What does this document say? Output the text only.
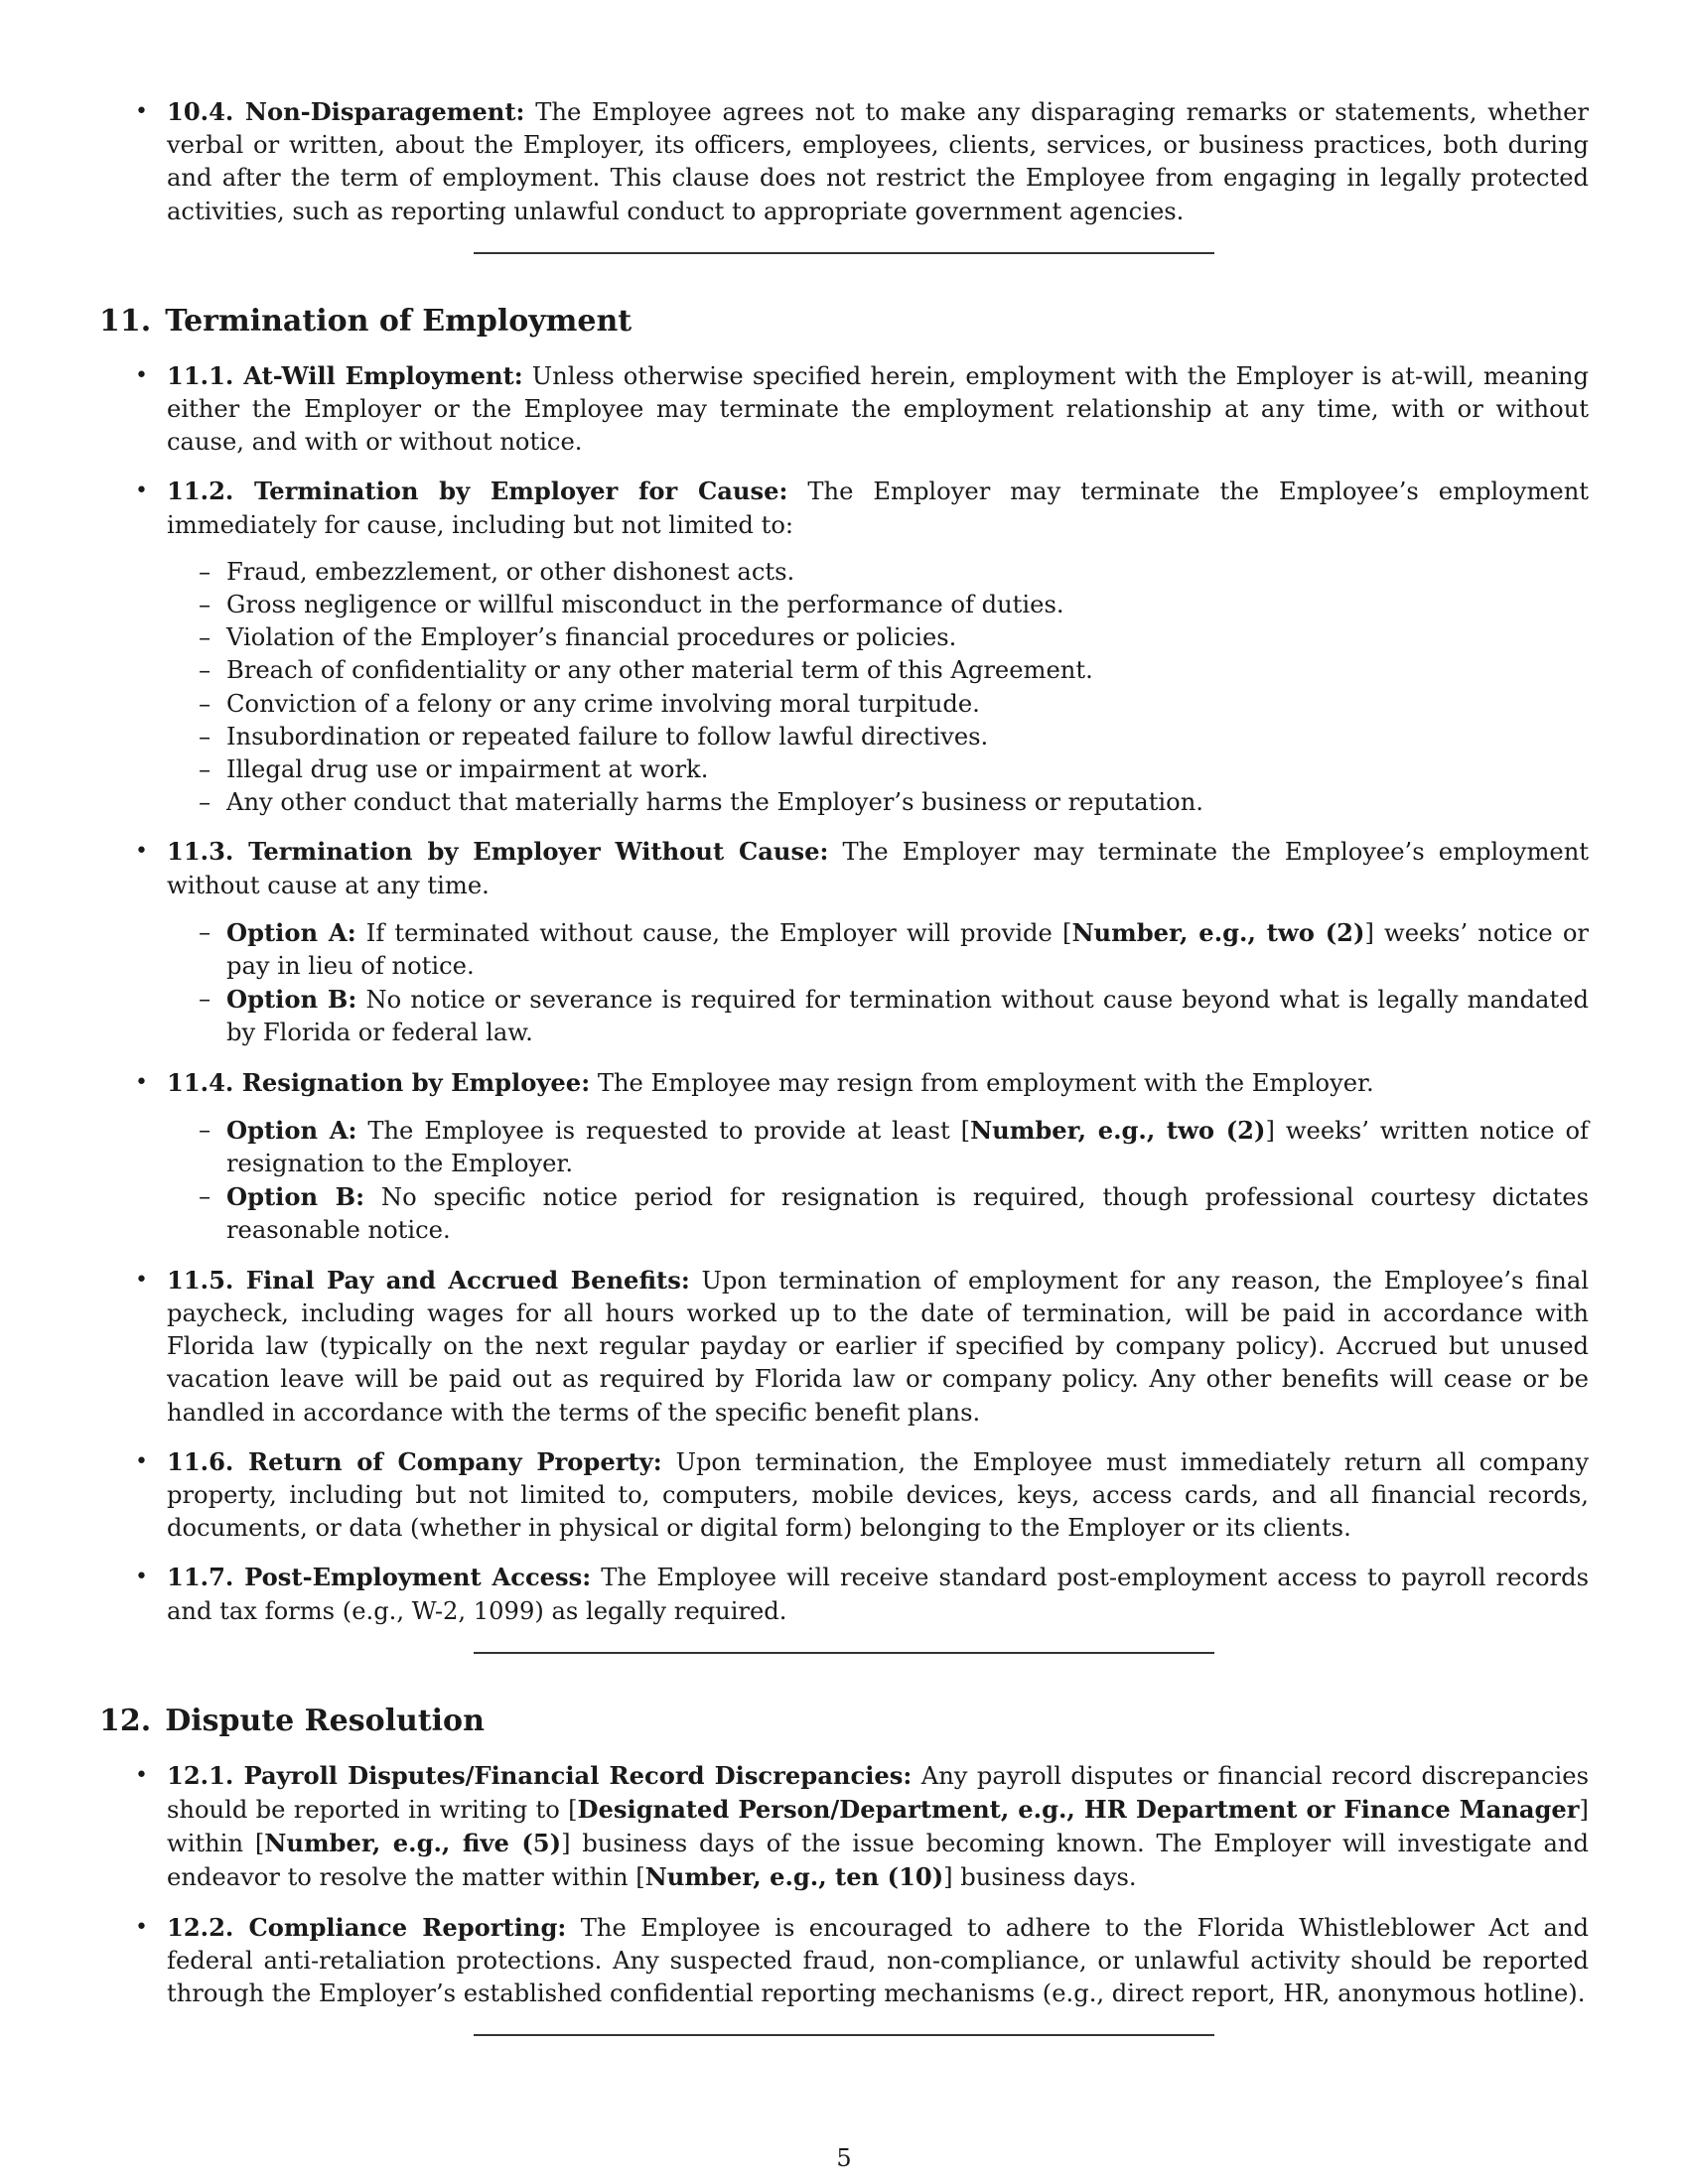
• 10.4. Non-Disparagement: The Employee agrees not to make any disparaging remarks or statements, whether verbal or written, about the Employer, its officers, employees, clients, services, or business practices, both during and after the term of employment. This clause does not restrict the Employee from engaging in legally protected activities, such as reporting unlawful conduct to appropriate government agencies.
11. Termination of Employment
• 11.1. At-Will Employment: Unless otherwise specified herein, employment with the Employer is at-will, meaning either the Employer or the Employee may terminate the employment relationship at any time, with or without cause, and with or without notice.
• 11.2. Termination by Employer for Cause: The Employer may terminate the Employee’s employment immediately for cause, including but not limited to:
– Fraud, embezzlement, or other dishonest acts.
– Gross negligence or willful misconduct in the performance of duties.
– Violation of the Employer’s financial procedures or policies.
– Breach of confidentiality or any other material term of this Agreement.
– Conviction of a felony or any crime involving moral turpitude.
– Insubordination or repeated failure to follow lawful directives.
– Illegal drug use or impairment at work.
– Any other conduct that materially harms the Employer’s business or reputation.
• 11.3. Termination by Employer Without Cause: The Employer may terminate the Employee’s employment without cause at any time.
– Option A: If terminated without cause, the Employer will provide [Number, e.g., two (2)] weeks’ notice or pay in lieu of notice.
– Option B: No notice or severance is required for termination without cause beyond what is legally mandated by Florida or federal law.
• 11.4. Resignation by Employee: The Employee may resign from employment with the Employer.
– Option A: The Employee is requested to provide at least [Number, e.g., two (2)] weeks’ written notice of resignation to the Employer.
– Option B: No specific notice period for resignation is required, though professional courtesy dictates reasonable notice.
• 11.5. Final Pay and Accrued Benefits: Upon termination of employment for any reason, the Employee’s final paycheck, including wages for all hours worked up to the date of termination, will be paid in accordance with Florida law (typically on the next regular payday or earlier if specified by company policy). Accrued but unused vacation leave will be paid out as required by Florida law or company policy. Any other benefits will cease or be handled in accordance with the terms of the specific benefit plans.
• 11.6. Return of Company Property: Upon termination, the Employee must immediately return all company property, including but not limited to, computers, mobile devices, keys, access cards, and all financial records, documents, or data (whether in physical or digital form) belonging to the Employer or its clients.
• 11.7. Post-Employment Access: The Employee will receive standard post-employment access to payroll records and tax forms (e.g., W-2, 1099) as legally required.
12. Dispute Resolution
• 12.1. Payroll Disputes/Financial Record Discrepancies: Any payroll disputes or financial record discrepancies should be reported in writing to [Designated Person/Department, e.g., HR Department or Finance Manager] within [Number, e.g., five (5)] business days of the issue becoming known. The Employer will investigate and endeavor to resolve the matter within [Number, e.g., ten (10)] business days.
• 12.2. Compliance Reporting: The Employee is encouraged to adhere to the Florida Whistleblower Act and federal anti-retaliation protections. Any suspected fraud, non-compliance, or unlawful activity should be reported through the Employer’s established confidential reporting mechanisms (e.g., direct report, HR, anonymous hotline).
5
